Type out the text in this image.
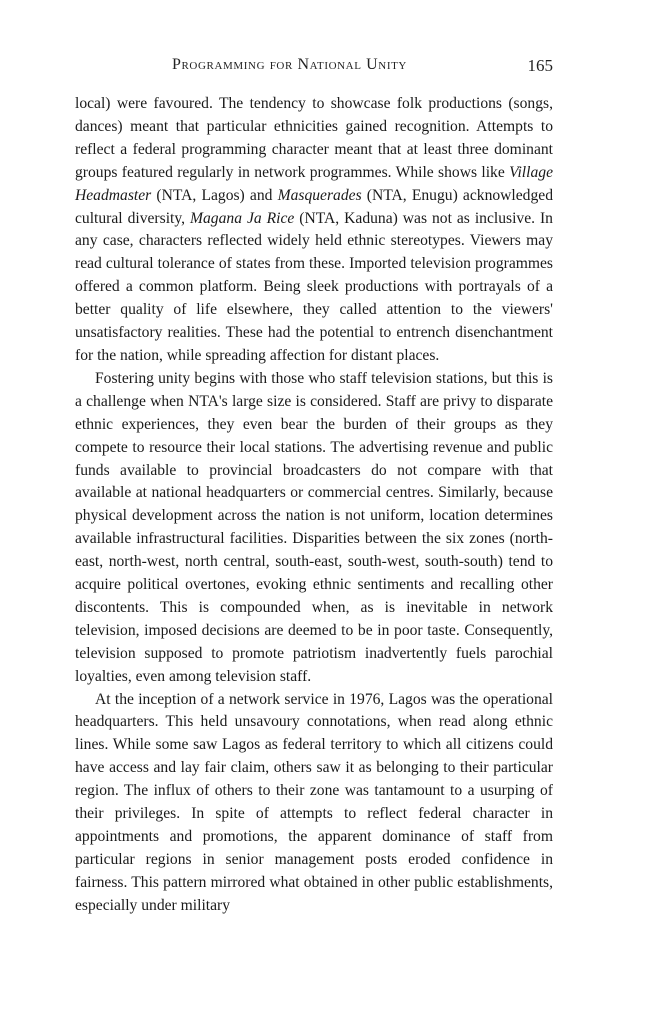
Programming for National Unity	165

local) were favoured. The tendency to showcase folk productions (songs, dances) meant that particular ethnicities gained recognition. Attempts to reflect a federal programming character meant that at least three dominant groups featured regularly in network programmes. While shows like Village Headmaster (NTA, Lagos) and Masquerades (NTA, Enugu) acknowledged cultural diversity, Magana Ja Rice (NTA, Kaduna) was not as inclusive. In any case, characters reflected widely held ethnic stereotypes. Viewers may read cultural tolerance of states from these. Imported television programmes offered a common platform. Being sleek productions with portrayals of a better quality of life elsewhere, they called attention to the viewers' unsatisfactory realities. These had the potential to entrench disenchantment for the nation, while spreading affection for distant places.

Fostering unity begins with those who staff television stations, but this is a challenge when NTA's large size is considered. Staff are privy to disparate ethnic experiences, they even bear the burden of their groups as they compete to resource their local stations. The advertising revenue and public funds available to provincial broadcasters do not compare with that available at national headquarters or commercial centres. Similarly, because physical development across the nation is not uniform, location determines available infrastructural facilities. Disparities between the six zones (north-east, north-west, north central, south-east, south-west, south-south) tend to acquire political overtones, evoking ethnic sentiments and recalling other discontents. This is compounded when, as is inevitable in network television, imposed decisions are deemed to be in poor taste. Consequently, television supposed to promote patriotism inadvertently fuels parochial loyalties, even among television staff.

At the inception of a network service in 1976, Lagos was the operational headquarters. This held unsavoury connotations, when read along ethnic lines. While some saw Lagos as federal territory to which all citizens could have access and lay fair claim, others saw it as belonging to their particular region. The influx of others to their zone was tantamount to a usurping of their privileges. In spite of attempts to reflect federal character in appointments and promotions, the apparent dominance of staff from particular regions in senior management posts eroded confidence in fairness. This pattern mirrored what obtained in other public establishments, especially under military
